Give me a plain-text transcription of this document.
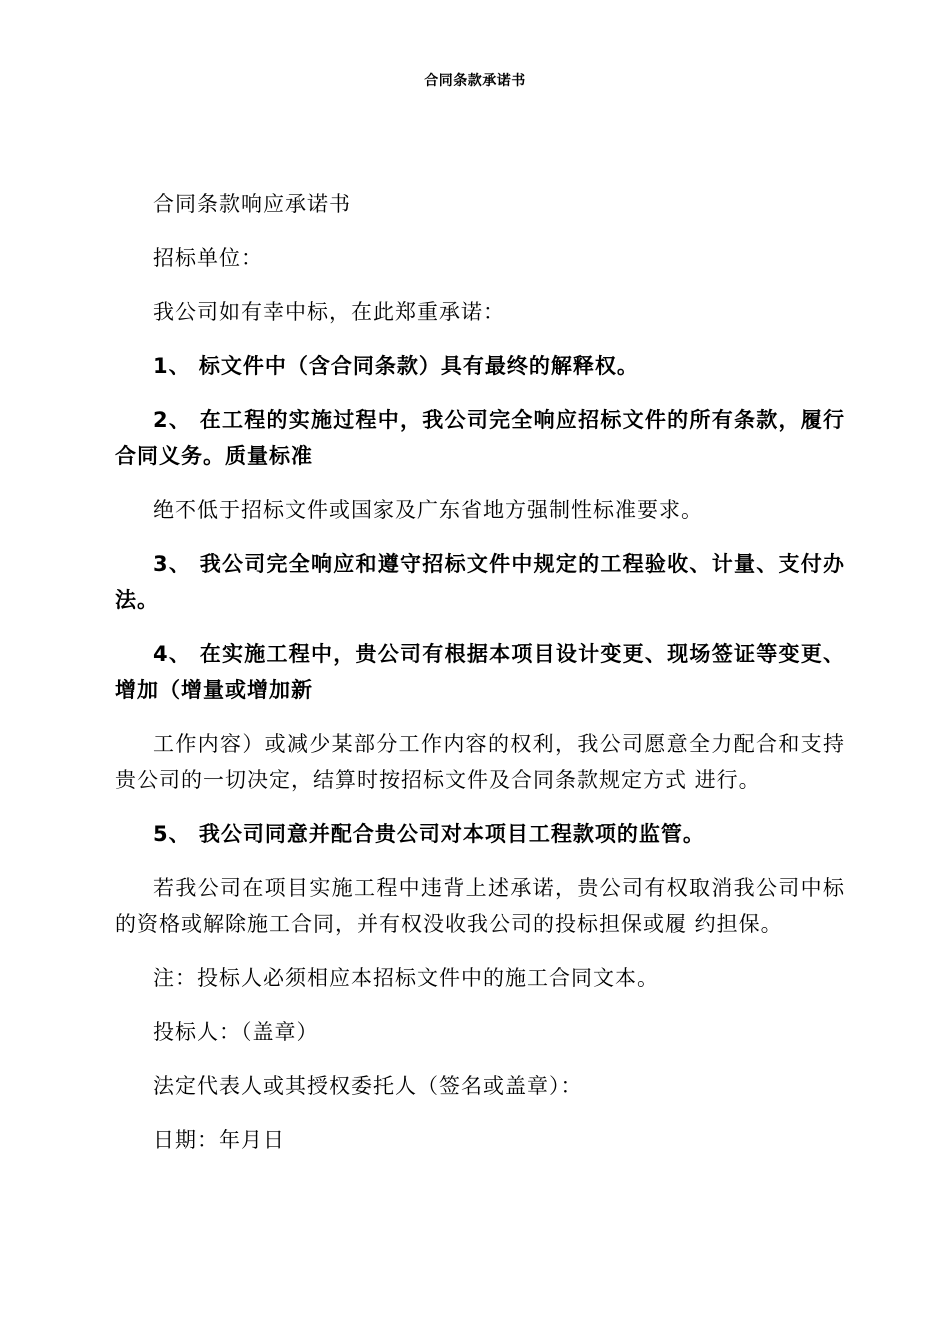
合同条款承诺书

合同条款响应承诺书

招标单位：

我公司如有幸中标，在此郑重承诺：

1、 标文件中（含合同条款）具有最终的解释权。

2、 在工程的实施过程中，我公司完全响应招标文件的所有条款，履行合同义务。质量标准

绝不低于招标文件或国家及广东省地方强制性标准要求。

3、 我公司完全响应和遵守招标文件中规定的工程验收、计量、支付办法。

4、 在实施工程中，贵公司有根据本项目设计变更、现场签证等变更、增加（增量或增加新

工作内容）或减少某部分工作内容的权利，我公司愿意全力配合和支持贵公司的一切决定，结算时按招标文件及合同条款规定方式 进行。

5、 我公司同意并配合贵公司对本项目工程款项的监管。

若我公司在项目实施工程中违背上述承诺，贵公司有权取消我公司中标的资格或解除施工合同，并有权没收我公司的投标担保或履 约担保。

注：投标人必须相应本招标文件中的施工合同文本。

投标人：（盖章）

法定代表人或其授权委托人（签名或盖章）：

日期：年月日
